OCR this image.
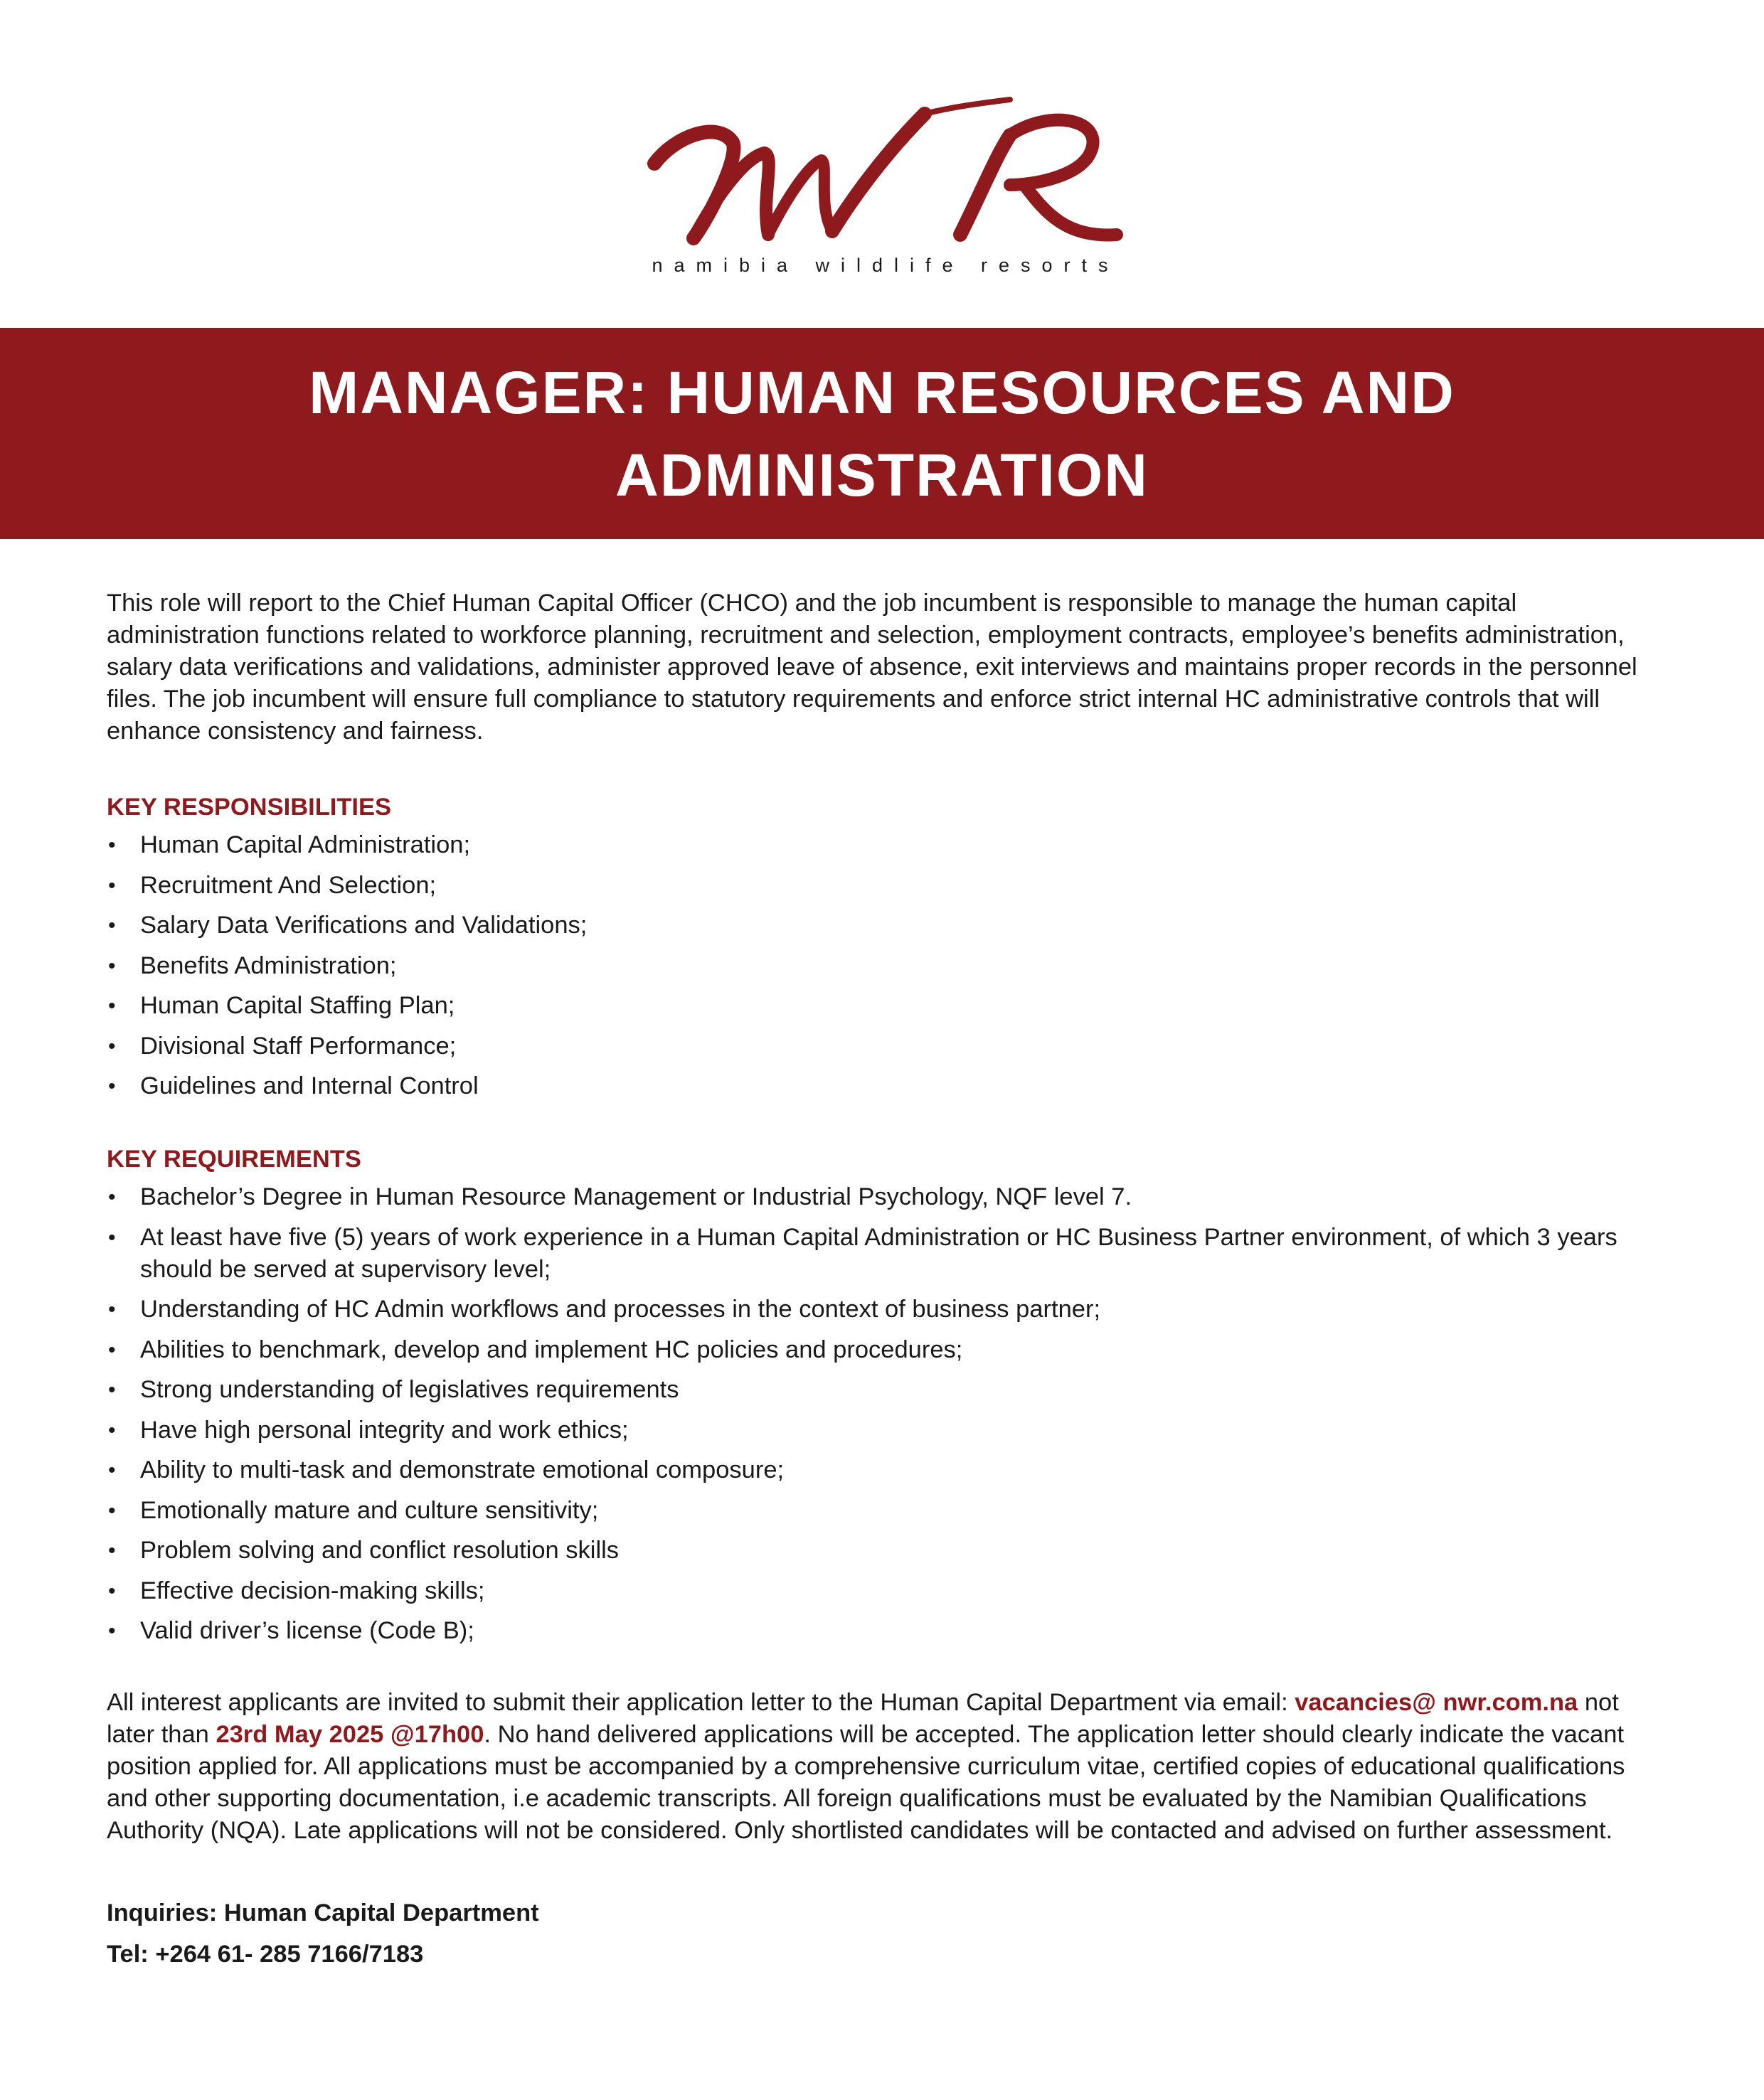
namibia wildlife resorts
MANAGER: HUMAN RESOURCES AND ADMINISTRATION

This role will report to the Chief Human Capital Officer (CHCO) and the job incumbent is responsible to manage the human capital administration functions related to workforce planning, recruitment and selection, employment contracts, employee’s benefits administration, salary data verifications and validations, administer approved leave of absence, exit interviews and maintains proper records in the personnel files. The job incumbent will ensure full compliance to statutory requirements and enforce strict internal HC administrative controls that will enhance consistency and fairness.

KEY RESPONSIBILITIES
• Human Capital Administration;
• Recruitment And Selection;
• Salary Data Verifications and Validations;
• Benefits Administration;
• Human Capital Staffing Plan;
• Divisional Staff Performance;
• Guidelines and Internal Control
KEY REQUIREMENTS
• Bachelor’s Degree in Human Resource Management or Industrial Psychology, NQF level 7.
• At least have five (5) years of work experience in a Human Capital Administration or HC Business Partner environment, of which 3 years should be served at supervisory level;
• Understanding of HC Admin workflows and processes in the context of business partner;
• Abilities to benchmark, develop and implement HC policies and procedures;
• Strong understanding of legislatives requirements
• Have high personal integrity and work ethics;
• Ability to multi-task and demonstrate emotional composure;
• Emotionally mature and culture sensitivity;
• Problem solving and conflict resolution skills
• Effective decision-making skills;
• Valid driver’s license (Code B);

All interest applicants are invited to submit their application letter to the Human Capital Department via email: vacancies@ nwr.com.na not later than 23rd May 2025 @17h00. No hand delivered applications will be accepted. The application letter should clearly indicate the vacant position applied for. All applications must be accompanied by a comprehensive curriculum vitae, certified copies of educational qualifications and other supporting documentation, i.e academic transcripts. All foreign qualifications must be evaluated by the Namibian Qualifications Authority (NQA). Late applications will not be considered. Only shortlisted candidates will be contacted and advised on further assessment.

Inquiries: Human Capital Department
Tel: +264 61- 285 7166/7183
